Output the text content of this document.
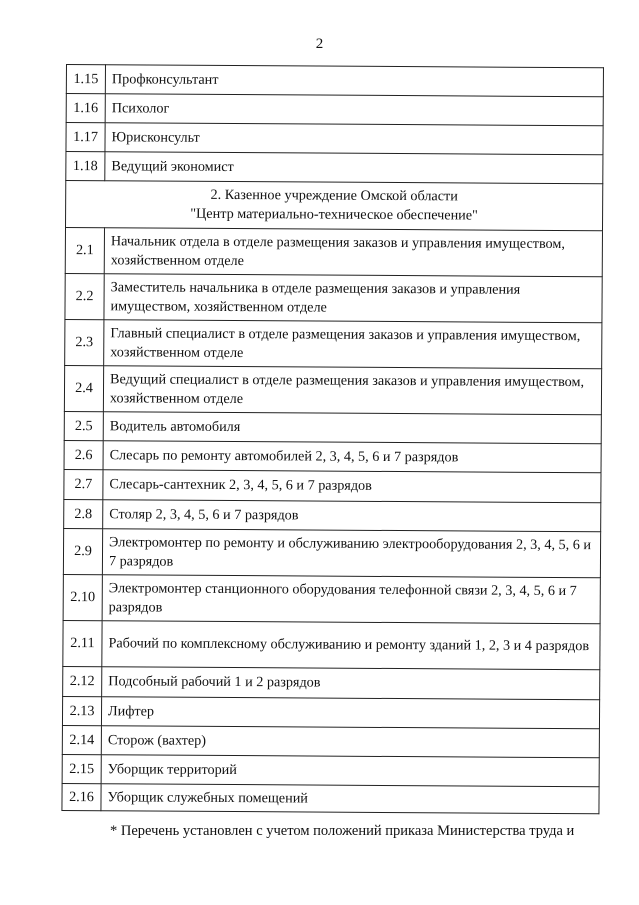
2
1.15	Профконсультант
1.16	Психолог
1.17	Юрисконсульт
1.18	Ведущий экономист
2. Казенное учреждение Омской области
"Центр материально-техническое обеспечение"	
2.1	Начальник отдела в отделе размещения заказов и управления имуществом, хозяйственном отделе
2.2	Заместитель начальника в отделе размещения заказов и управления имуществом, хозяйственном отделе
2.3	Главный специалист в отделе размещения заказов и управления имуществом, хозяйственном отделе
2.4	Ведущий специалист в отделе размещения заказов и управления имуществом, хозяйственном отделе
2.5	Водитель автомобиля
2.6	Слесарь по ремонту автомобилей 2, 3, 4, 5, 6 и 7 разрядов
2.7	Слесарь-сантехник 2, 3, 4, 5, 6 и 7 разрядов
2.8	Столяр 2, 3, 4, 5, 6 и 7 разрядов
2.9	Электромонтер по ремонту и обслуживанию электрооборудования 2, 3, 4, 5, 6 и 7 разрядов
2.10	Электромонтер станционного оборудования телефонной связи 2, 3, 4, 5, 6 и 7 разрядов
2.11	Рабочий по комплексному обслуживанию и ремонту зданий 1, 2, 3 и 4 разрядов
2.12	Подсобный рабочий 1 и 2 разрядов
2.13	Лифтер
2.14	Сторож (вахтер)
2.15	Уборщик территорий
2.16	Уборщик служебных помещений
* Перечень установлен с учетом положений приказа Министерства труда и
